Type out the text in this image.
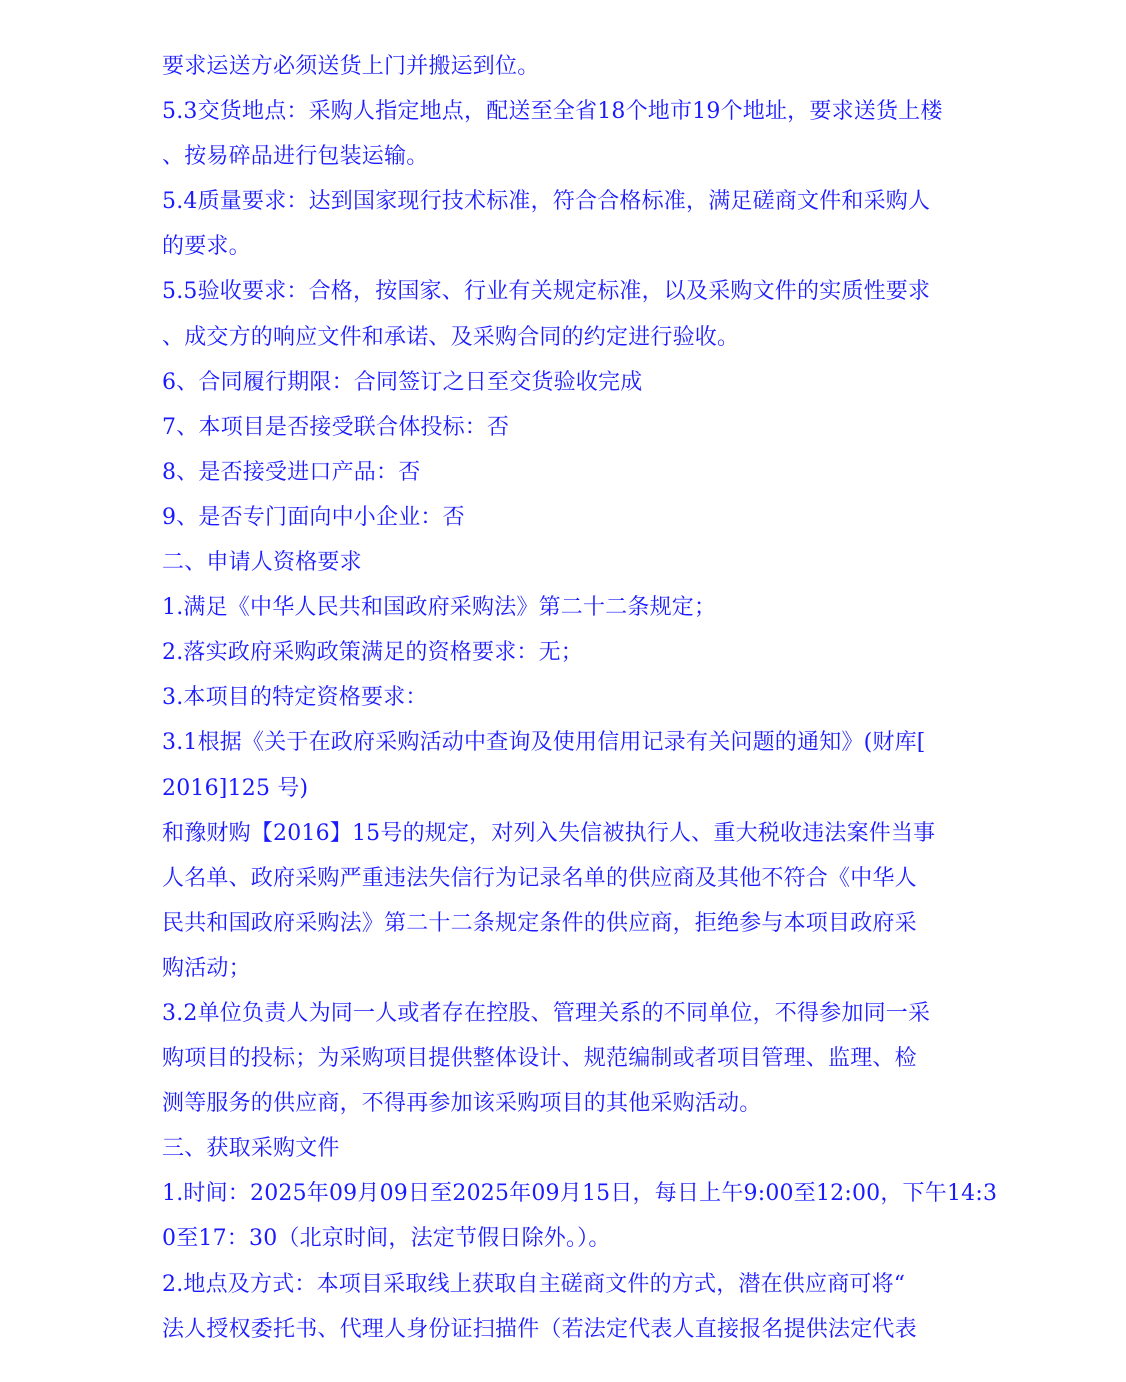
要求运送方必须送货上门并搬运到位。
5.3交货地点：采购人指定地点，配送至全省18个地市19个地址，要求送货上楼
、按易碎品进行包装运输。
5.4质量要求：达到国家现行技术标准，符合合格标准，满足磋商文件和采购人
的要求。
5.5验收要求：合格，按国家、行业有关规定标准，以及采购文件的实质性要求
、成交方的响应文件和承诺、及采购合同的约定进行验收。
6、合同履行期限：合同签订之日至交货验收完成
7、本项目是否接受联合体投标：否
8、是否接受进口产品：否
9、是否专门面向中小企业：否
二、申请人资格要求
1.满足《中华人民共和国政府采购法》第二十二条规定；
2.落实政府采购政策满足的资格要求：无；
3.本项目的特定资格要求：
3.1根据《关于在政府采购活动中查询及使用信用记录有关问题的通知》(财库[
2016]125 号)
和豫财购【2016】15号的规定，对列入失信被执行人、重大税收违法案件当事
人名单、政府采购严重违法失信行为记录名单的供应商及其他不符合《中华人
民共和国政府采购法》第二十二条规定条件的供应商，拒绝参与本项目政府采
购活动；
3.2单位负责人为同一人或者存在控股、管理关系的不同单位，不得参加同一采
购项目的投标；为采购项目提供整体设计、规范编制或者项目管理、监理、检
测等服务的供应商，不得再参加该采购项目的其他采购活动。
三、获取采购文件
1.时间：2025年09月09日至2025年09月15日，每日上午9:00至12:00，下午14:3
0至17：30（北京时间，法定节假日除外。）。
2.地点及方式：本项目采取线上获取自主磋商文件的方式，潜在供应商可将“
法人授权委托书、代理人身份证扫描件（若法定代表人直接报名提供法定代表
